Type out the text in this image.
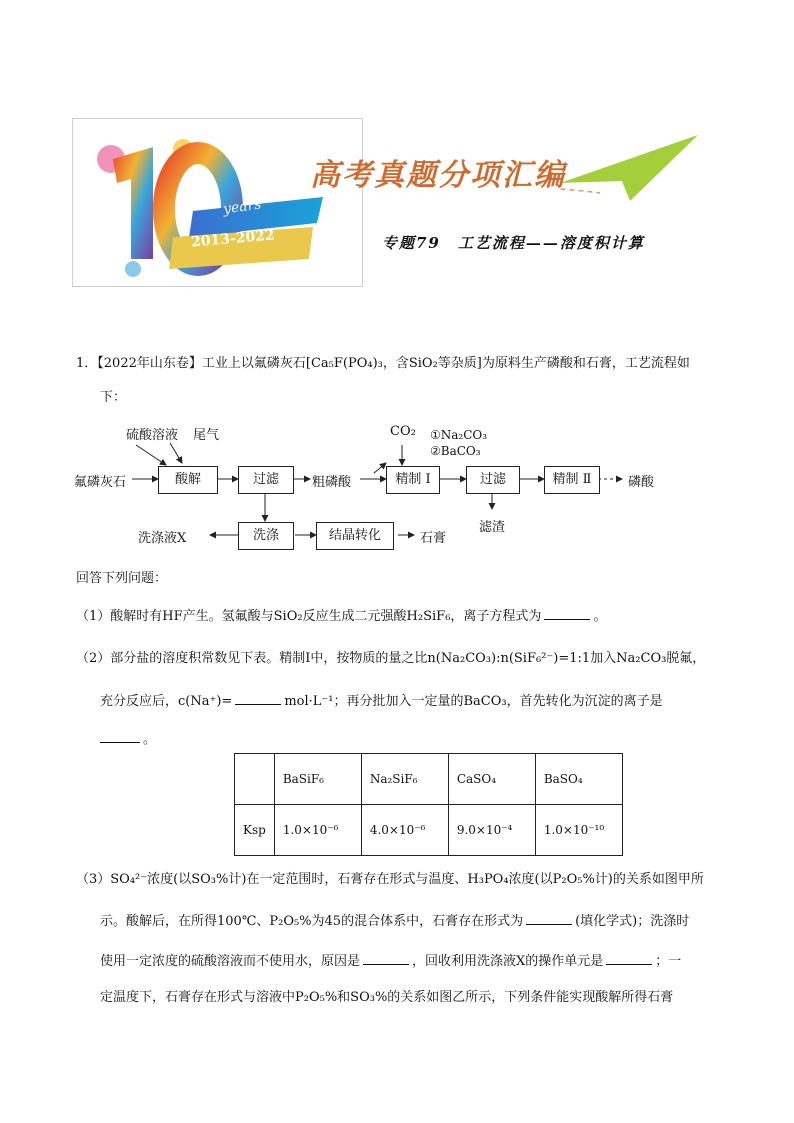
years
2013-2022
高考真题分项汇编
专题79　工艺流程——溶度积计算
1．【2022年山东卷】工业上以氟磷灰石[Ca₅F(PO₄)₃，含SiO₂等杂质]为原料生产磷酸和石膏，工艺流程如
下：
氟磷灰石
硫酸溶液 尾气
酸解	过滤	粗磷酸
CO₂ ①Na₂CO₃
②BaCO₃
精制 Ⅰ	过滤
滤渣
精制 Ⅱ	磷酸
洗涤液X	洗涤	结晶转化	石膏
回答下列问题：
（1）酸解时有HF产生。氢氟酸与SiO₂反应生成二元强酸H₂SiF₆，离子方程式为	。
（2）部分盐的溶度积常数见下表。精制Ⅰ中，按物质的量之比n(Na₂CO₃):n(SiF₆²⁻)=1:1加入Na₂CO₃脱氟，
充分反应后，c(Na⁺)=	mol·L⁻¹；再分批加入一定量的BaCO₃，首先转化为沉淀的离子是
。
	BaSiF₆	Na₂SiF₆	CaSO₄	BaSO₄
Ksp	1.0×10⁻⁶	4.0×10⁻⁶	9.0×10⁻⁴	1.0×10⁻¹⁰
（3）SO₄²⁻浓度(以SO₃%计)在一定范围时，石膏存在形式与温度、H₃PO₄浓度(以P₂O₅%计)的关系如图甲所
示。酸解后，在所得100℃、P₂O₅%为45的混合体系中，石膏存在形式为	(填化学式)；洗涤时
使用一定浓度的硫酸溶液而不使用水，原因是	，回收利用洗涤液X的操作单元是	；一
定温度下，石膏存在形式与溶液中P₂O₅%和SO₃%的关系如图乙所示，下列条件能实现酸解所得石膏
